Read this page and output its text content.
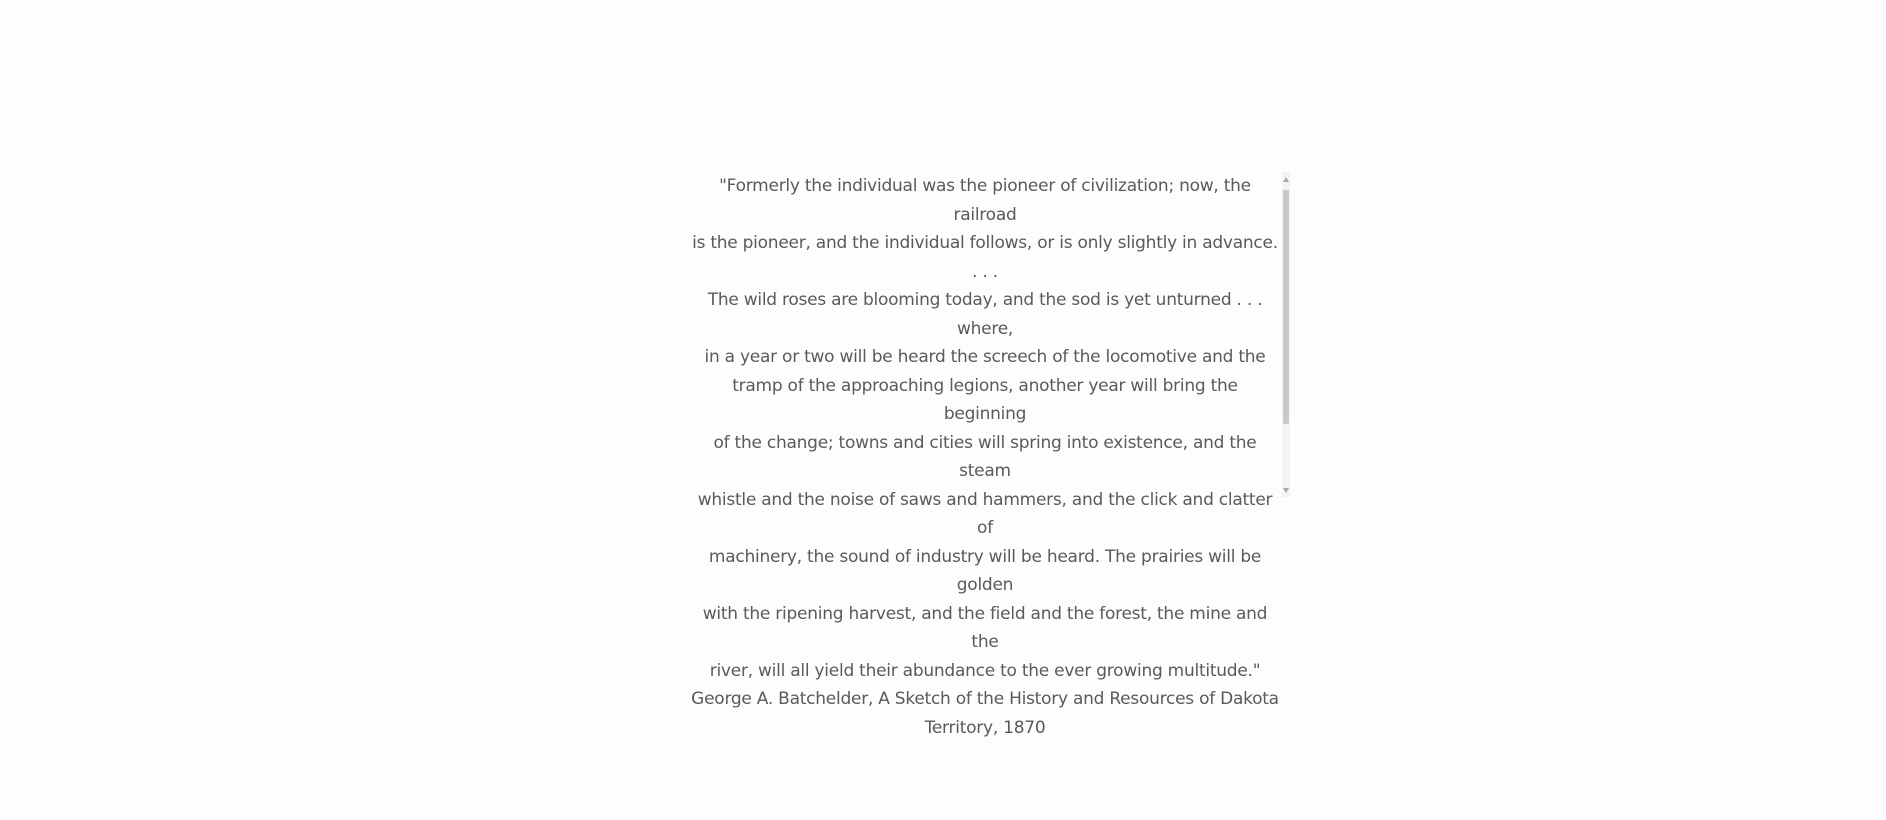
"Formerly the individual was the pioneer of civilization; now, the railroad

is the pioneer, and the individual follows, or is only slightly in advance. . . .

The wild roses are blooming today, and the sod is yet unturned . . . where,

in a year or two will be heard the screech of the locomotive and the

tramp of the approaching legions, another year will bring the beginning

of the change; towns and cities will spring into existence, and the steam

whistle and the noise of saws and hammers, and the click and clatter of

machinery, the sound of industry will be heard. The prairies will be golden

with the ripening harvest, and the field and the forest, the mine and the

river, will all yield their abundance to the ever growing multitude."

George A. Batchelder, A Sketch of the History and Resources of Dakota

Territory, 1870
